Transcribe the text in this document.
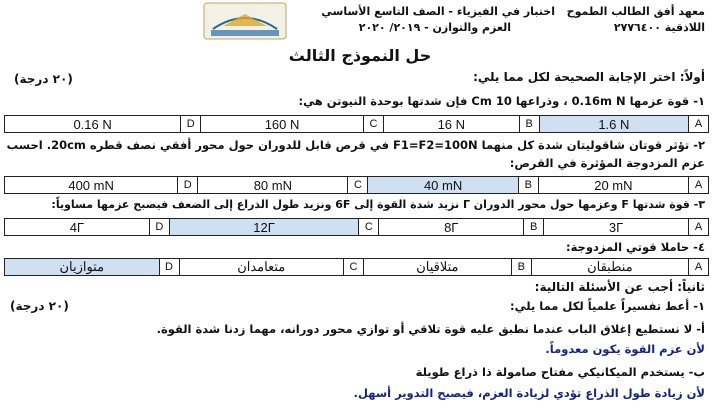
معهد أفق الطالب الطموح
اللاذقية ٢٧٧٦٤٠٠
اختبار في الفيزياء - الصف التاسع الأساسي
العزم والتوازن - ٢٠١٩/ ٢٠٢٠
حل النموذج الثالث
أولاً: اختر الإجابة الصحيحة لكل مما يلي:
(٢٠ درجة)
١- قوة عزمها 0.16m N ، وذراعها 10 Cm فإن شدتها بوحدة النيوتن هي:
0.16 N	D	160 N	C	16 N	B	1.6 N	A
٢- تؤثر قوتان شاقوليتان شدة كل منهما F1=F2=100N في قرص قابل للدوران حول محور أفقي نصف قطره 20cm. احسب
عزم المزدوجة المؤثرة في القرص:
400 mN	D	80 mN	C	40 mN	B	20 mN	A
٣- قوة شدتها F وعزمها حول محور الدوران Γ نزيد شدة القوة إلى 6F ونزيد طول الذراع إلى الضعف فيصبح عزمها مساوياً:
4Γ	D	12Γ	C	8Γ	B	3Γ	A
٤- حاملا قوتي المزدوجة:
متوازيان	D	متعامدان	C	متلاقيان	B	منطبقان	A
ثانياً: أجب عن الأسئلة التالية:
١- أعط تفسيراً علمياً لكل مما يلي:
(٢٠ درجة)
أ- لا نستطيع إغلاق الباب عندما نطبق عليه قوة تلاقي أو توازي محور دورانه، مهما زدنا شدة القوة.
لأن عزم القوة يكون معدوماً.
ب- يستخدم الميكانيكي مفتاح صامولة ذا ذراع طويلة
لأن زيادة طول الذراع تؤدي لزيادة العزم، فيصبح التدوير أسهل.
